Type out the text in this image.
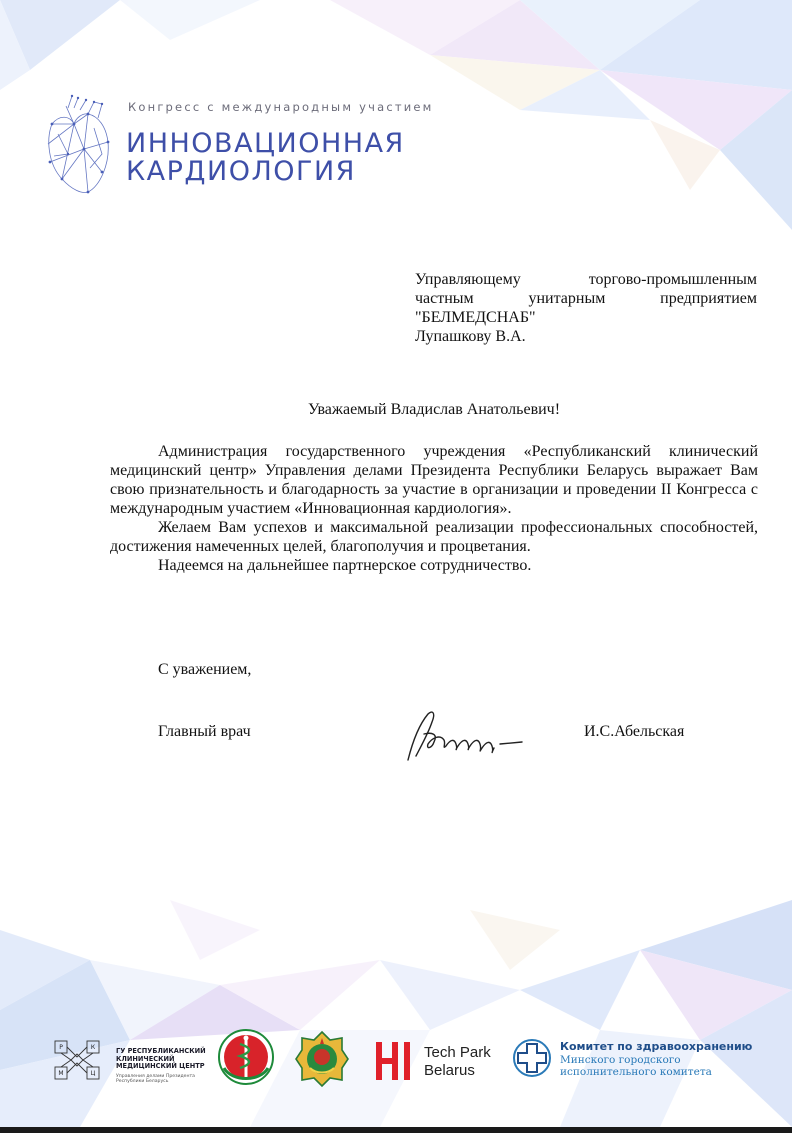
Конгресс с международным участием
ИННОВАЦИОННАЯ
КАРДИОЛОГИЯ
Управляющему торгово-промышленным
частным унитарным предприятием
"БЕЛМЕДСНАБ"
Лупашкову В.А.
Уважаемый Владислав Анатольевич!

Администрация государственного учреждения «Республиканский клинический медицинский центр» Управления делами Президента Республики Беларусь выражает Вам свою признательность и благодарность за участие в организации и проведении II Конгресса с международным участием «Инновационная кардиология».

Желаем Вам успехов и максимальной реализации профессиональных способностей, достижения намеченных целей, благополучия и процветания.

Надеемся на дальнейшее партнерское сотрудничество.

С уважением,
Главный врач	И.С.Абельская
Р	К
М	Ц
ГУ РЕСПУБЛИКАНСКИЙ
КЛИНИЧЕСКИЙ
МЕДИЦИНСКИЙ ЦЕНТР
Управления делами Президента Республики Беларусь
Tech Park
Belarus
Комитет по здравоохранению
Минского городского
исполнительного комитета
